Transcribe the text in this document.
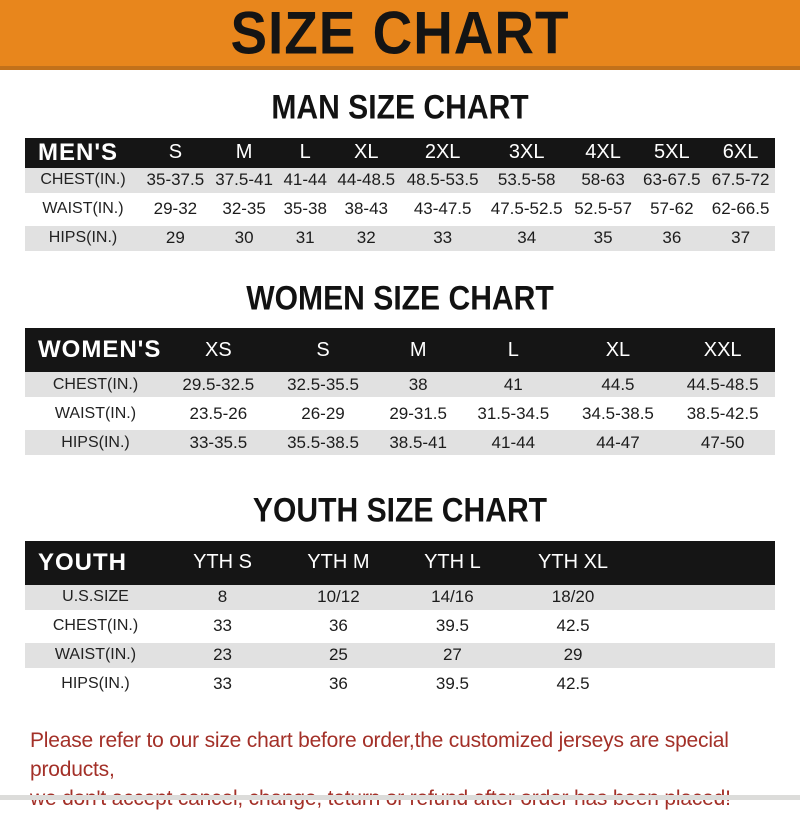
SIZE CHART
MAN SIZE CHART
MEN'S	S	M	L	XL	2XL	3XL	4XL	5XL	6XL
CHEST(IN.)	35-37.5	37.5-41	41-44	44-48.5	48.5-53.5	53.5-58	58-63	63-67.5	67.5-72
WAIST(IN.)	29-32	32-35	35-38	38-43	43-47.5	47.5-52.5	52.5-57	57-62	62-66.5
HIPS(IN.)	29	30	31	32	33	34	35	36	37
WOMEN SIZE CHART
WOMEN'S	XS	S	M	L	XL	XXL
CHEST(IN.)	29.5-32.5	32.5-35.5	38	41	44.5	44.5-48.5
WAIST(IN.)	23.5-26	26-29	29-31.5	31.5-34.5	34.5-38.5	38.5-42.5
HIPS(IN.)	33-35.5	35.5-38.5	38.5-41	41-44	44-47	47-50
YOUTH SIZE CHART
YOUTH	YTH S	YTH M	YTH L	YTH XL	
U.S.SIZE	8	10/12	14/16	18/20	
CHEST(IN.)	33	36	39.5	42.5	
WAIST(IN.)	23	25	27	29	
HIPS(IN.)	33	36	39.5	42.5	
Please refer to our size chart before order,the customized jerseys are special products,
